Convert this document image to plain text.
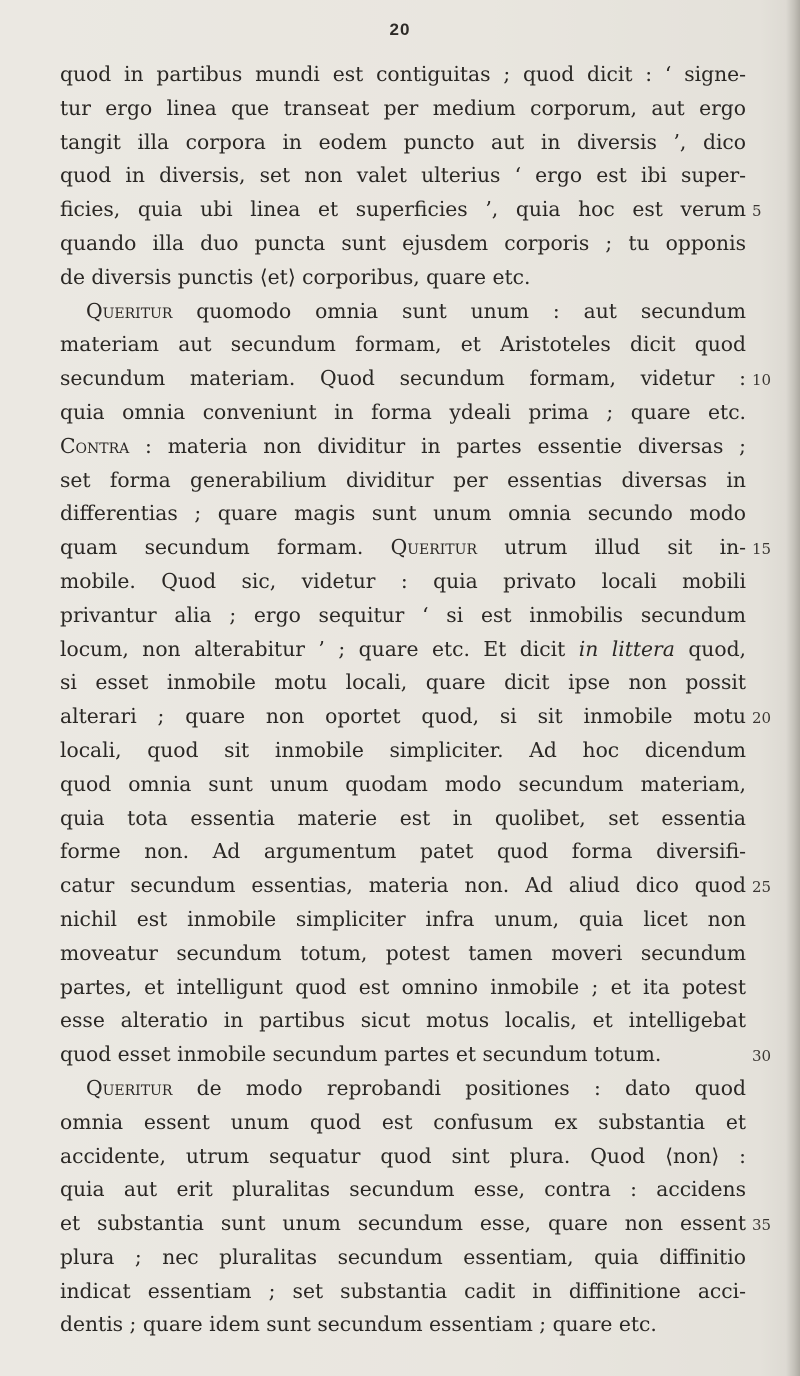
20
quod in partibus mundi est contiguitas ; quod dicit : ‘ signe-
tur ergo linea que transeat per medium corporum, aut ergo
tangit illa corpora in eodem puncto aut in diversis ’, dico
quod in diversis, set non valet ulterius ‘ ergo est ibi super-
ficies, quia ubi linea et superficies ’, quia hoc est verum
quando illa duo puncta sunt ejusdem corporis ; tu opponis
de diversis punctis ⟨et⟩ corporibus, quare etc.
Queritur quomodo omnia sunt unum : aut secundum
materiam aut secundum formam, et Aristoteles dicit quod
secundum materiam. Quod secundum formam, videtur :
quia omnia conveniunt in forma ydeali prima ; quare etc.
Contra : materia non dividitur in partes essentie diversas ;
set forma generabilium dividitur per essentias diversas in
differentias ; quare magis sunt unum omnia secundo modo
quam secundum formam. Queritur utrum illud sit in-
mobile. Quod sic, videtur : quia privato locali mobili
privantur alia ; ergo sequitur ‘ si est inmobilis secundum
locum, non alterabitur ’ ; quare etc. Et dicit in littera quod,
si esset inmobile motu locali, quare dicit ipse non possit
alterari ; quare non oportet quod, si sit inmobile motu
locali, quod sit inmobile simpliciter. Ad hoc dicendum
quod omnia sunt unum quodam modo secundum materiam,
quia tota essentia materie est in quolibet, set essentia
forme non. Ad argumentum patet quod forma diversifi-
catur secundum essentias, materia non. Ad aliud dico quod
nichil est inmobile simpliciter infra unum, quia licet non
moveatur secundum totum, potest tamen moveri secundum
partes, et intelligunt quod est omnino inmobile ; et ita potest
esse alteratio in partibus sicut motus localis, et intelligebat
quod esset inmobile secundum partes et secundum totum.
Queritur de modo reprobandi positiones : dato quod
omnia essent unum quod est confusum ex substantia et
accidente, utrum sequatur quod sint plura. Quod ⟨non⟩ :
quia aut erit pluralitas secundum esse, contra : accidens
et substantia sunt unum secundum esse, quare non essent
plura ; nec pluralitas secundum essentiam, quia diffinitio
indicat essentiam ; set substantia cadit in diffinitione acci-
dentis ; quare idem sunt secundum essentiam ; quare etc.
5
10
15
20
25
30
35
